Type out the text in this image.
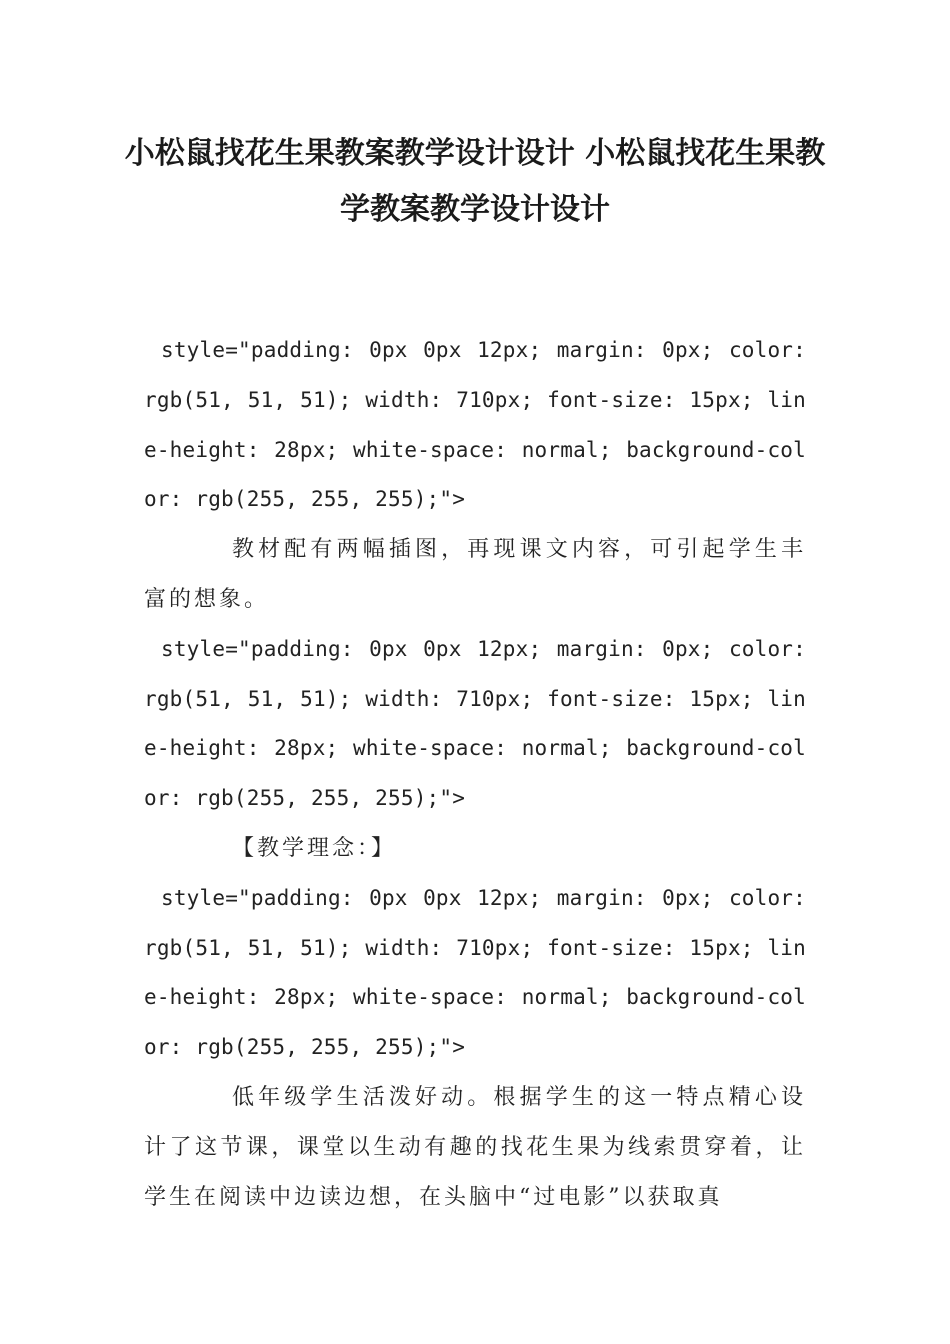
小松鼠找花生果教案教学设计设计 小松鼠找花生果教学教案教学设计设计

style="padding: 0px 0px 12px; margin: 0px; color: rgb(51, 51, 51); width: 710px; font-size: 15px; line-height: 28px; white-space: normal; background-color: rgb(255, 255, 255);">

教材配有两幅插图，再现课文内容，可引起学生丰富的想象。

style="padding: 0px 0px 12px; margin: 0px; color: rgb(51, 51, 51); width: 710px; font-size: 15px; line-height: 28px; white-space: normal; background-color: rgb(255, 255, 255);">

【教学理念：】

style="padding: 0px 0px 12px; margin: 0px; color: rgb(51, 51, 51); width: 710px; font-size: 15px; line-height: 28px; white-space: normal; background-color: rgb(255, 255, 255);">

低年级学生活泼好动。根据学生的这一特点精心设计了这节课，课堂以生动有趣的找花生果为线索贯穿着，让学生在阅读中边读边想，在头脑中“过电影”以获取真
